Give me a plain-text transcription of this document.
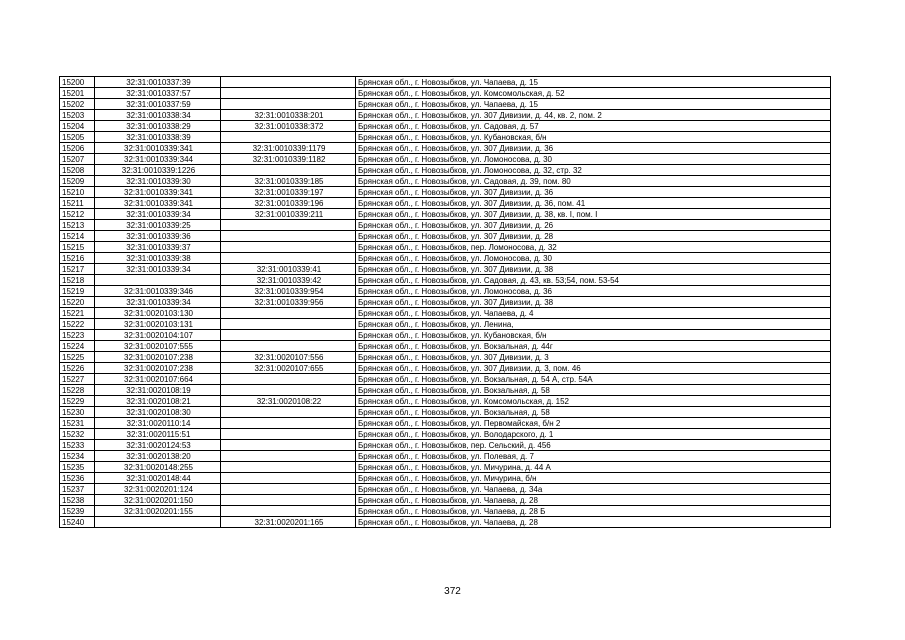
15200	32:31:0010337:39		Брянская обл., г. Новозыбков, ул. Чапаева, д. 15
15201	32:31:0010337:57		Брянская обл., г. Новозыбков, ул. Комсомольская, д. 52
15202	32:31:0010337:59		Брянская обл., г. Новозыбков, ул. Чапаева, д. 15
15203	32:31:0010338:34	32:31:0010338:201	Брянская обл., г. Новозыбков, ул. 307 Дивизии, д. 44, кв. 2, пом. 2
15204	32:31:0010338:29	32:31:0010338:372	Брянская обл., г. Новозыбков, ул. Садовая, д. 57
15205	32:31:0010338:39		Брянская обл., г. Новозыбков, ул. Кубановская, б/н
15206	32:31:0010339:341	32:31:0010339:1179	Брянская обл., г. Новозыбков, ул. 307 Дивизии, д. 36
15207	32:31:0010339:344	32:31:0010339:1182	Брянская обл., г. Новозыбков, ул. Ломоносова, д. 30
15208	32:31:0010339:1226		Брянская обл., г. Новозыбков, ул. Ломоносова, д. 32, стр. 32
15209	32:31:0010339:30	32:31:0010339:185	Брянская обл., г. Новозыбков, ул. Садовая, д. 39, пом. 80
15210	32:31:0010339:341	32:31:0010339:197	Брянская обл., г. Новозыбков, ул. 307 Дивизии, д. 36
15211	32:31:0010339:341	32:31:0010339:196	Брянская обл., г. Новозыбков, ул. 307 Дивизии, д. 36, пом. 41
15212	32:31:0010339:34	32:31:0010339:211	Брянская обл., г. Новозыбков, ул. 307 Дивизии, д. 38, кв. I, пом. I
15213	32:31:0010339:25		Брянская обл., г. Новозыбков, ул. 307 Дивизии, д. 26
15214	32:31:0010339:36		Брянская обл., г. Новозыбков, ул. 307 Дивизии, д. 28
15215	32:31:0010339:37		Брянская обл., г. Новозыбков, пер. Ломоносова, д. 32
15216	32:31:0010339:38		Брянская обл., г. Новозыбков, ул. Ломоносова, д. 30
15217	32:31:0010339:34	32:31:0010339:41	Брянская обл., г. Новозыбков, ул. 307 Дивизии, д. 38
15218		32:31:0010339:42	Брянская обл., г. Новозыбков, ул. Садовая, д. 43, кв. 53;54, пом. 53-54
15219	32:31:0010339:346	32:31:0010339:954	Брянская обл., г. Новозыбков, ул. Ломоносова, д. 36
15220	32:31:0010339:34	32:31:0010339:956	Брянская обл., г. Новозыбков, ул. 307 Дивизии, д. 38
15221	32:31:0020103:130		Брянская обл., г. Новозыбков, ул. Чапаева, д. 4
15222	32:31:0020103:131		Брянская обл., г. Новозыбков, ул. Ленина,
15223	32:31:0020104:107		Брянская обл., г. Новозыбков, ул. Кубановская, б/н
15224	32:31:0020107:555		Брянская обл., г. Новозыбков, ул. Вокзальная, д. 44г
15225	32:31:0020107:238	32:31:0020107:556	Брянская обл., г. Новозыбков, ул. 307 Дивизии, д. 3
15226	32:31:0020107:238	32:31:0020107:655	Брянская обл., г. Новозыбков, ул. 307 Дивизии, д. 3, пом. 46
15227	32:31:0020107:664		Брянская обл., г. Новозыбков, ул. Вокзальная, д. 54 А, стр. 54А
15228	32:31:0020108:19		Брянская обл., г. Новозыбков, ул. Вокзальная, д. 58
15229	32:31:0020108:21	32:31:0020108:22	Брянская обл., г. Новозыбков, ул. Комсомольская, д. 152
15230	32:31:0020108:30		Брянская обл., г. Новозыбков, ул. Вокзальная, д. 58
15231	32:31:0020110:14		Брянская обл., г. Новозыбков, ул. Первомайская, б/н 2
15232	32:31:0020115:51		Брянская обл., г. Новозыбков, ул. Володарского, д. 1
15233	32:31:0020124:53		Брянская обл., г. Новозыбков, пер. Сельский, д. 456
15234	32:31:0020138:20		Брянская обл., г. Новозыбков, ул. Полевая, д. 7
15235	32:31:0020148:255		Брянская обл., г. Новозыбков, ул. Мичурина, д. 44 А
15236	32:31:0020148:44		Брянская обл., г. Новозыбков, ул. Мичурина, б/н
15237	32:31:0020201:124		Брянская обл., г. Новозыбков, ул. Чапаева, д. 34а
15238	32:31:0020201:150		Брянская обл., г. Новозыбков, ул. Чапаева, д. 28
15239	32:31:0020201:155		Брянская обл., г. Новозыбков, ул. Чапаева, д. 28 Б
15240		32:31:0020201:165	Брянская обл., г. Новозыбков, ул. Чапаева, д. 28
372
